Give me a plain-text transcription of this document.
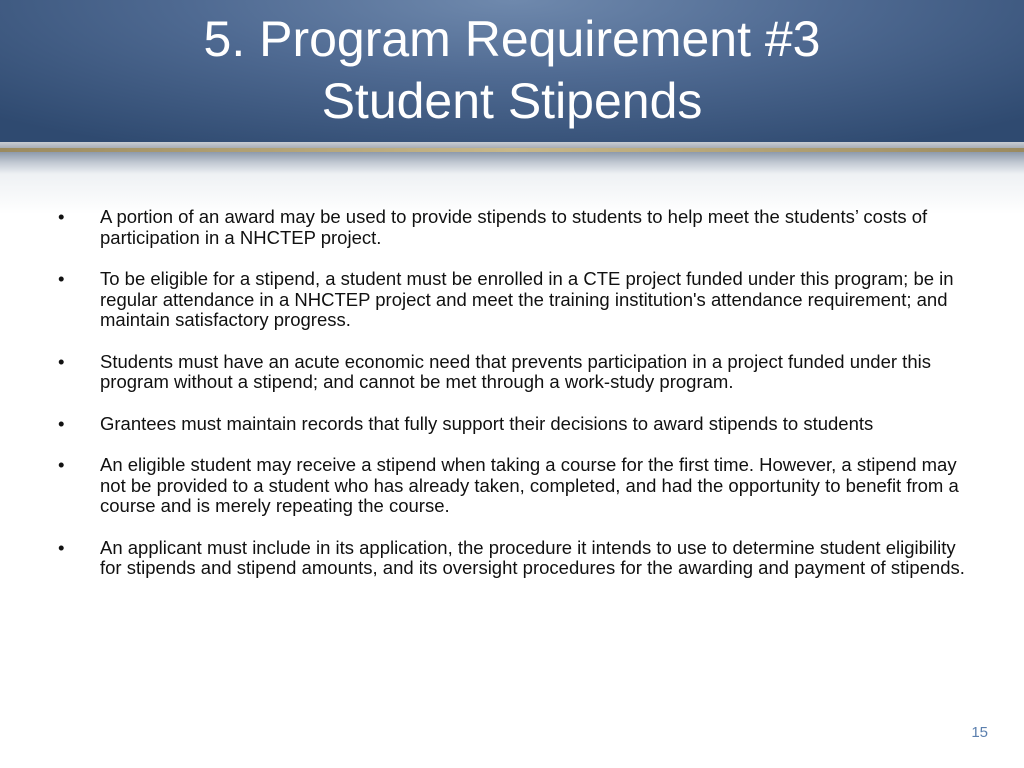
5. Program Requirement #3
Student Stipends
•	A portion of an award may be used to provide stipends to students to help meet the students’ costs of participation in a NHCTEP project.
•	To be eligible for a stipend, a student must be enrolled in a CTE project funded under this program; be in regular attendance in a NHCTEP project and meet the training institution's attendance requirement; and maintain satisfactory progress.
•	Students must have an acute economic need that prevents participation in a project funded under this program without a stipend; and cannot be met through a work-study program.
•	Grantees must maintain records that fully support their decisions to award stipends to students
•	An eligible student may receive a stipend when taking a course for the first time. However, a stipend may not be provided to a student who has already taken, completed, and had the opportunity to benefit from a course and is merely repeating the course.
•	An applicant must include in its application, the procedure it intends to use to determine student eligibility for stipends and stipend amounts, and its oversight procedures for the awarding and payment of stipends.
15
